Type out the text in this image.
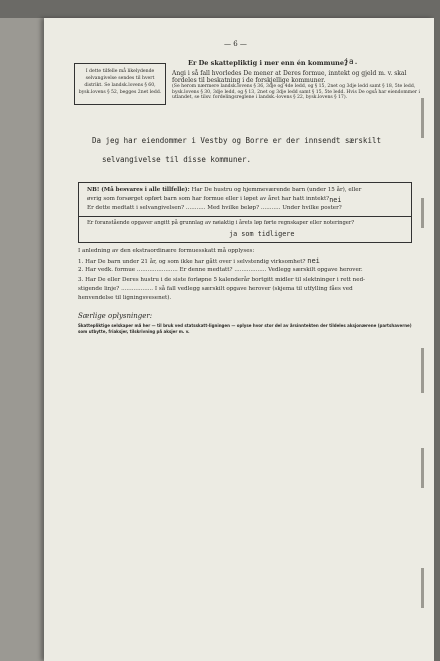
— 6 —
I dette tilfelle må likelydende selvangivelse sendes til hvert distrikt. Se landsk.lovens § 60, bysk.lovens § 52, begges 2net ledd.
Er De skattepliktig i mer enn én kommune?
ja.
Angi i så fall hvorledes De mener at Deres formue, inntekt og gjeld m. v. skal fordeles til beskatning i de forskjellige kommuner.
(Se herom nærmere landsk.lovens § 36, 3dje og 4de ledd, og § 15, 2net og 3dje ledd samt § 18, 5te ledd, bysk.lovens § 30, 3dje ledd, og § 13, 2net og 3dje ledd samt § 15, 5te ledd. Hvis De også har eiendommer i utlandet, se tilsv. fordelingsreglene i landsk.-lovens § 22, bysk.lovens § 17).
Da jeg har eiendommer i Vestby og Borre er der innsendt særskilt
selvangivelse til disse kommuner.
NB! (Må besvares i alle tillfelle): Har De hustru og hjemmeværende barn (under 15 år), eller
øvrig som forsørget opført barn som har formue eller i løpet av året har hatt inntekt? nei
Er dette medtatt i selvangivelsen? ........... Med hvilke beløp? ........... Under hvilke poster?
Er foranstående opgaver angitt på grunnlag av nøiaktig i årets løp førte regnskaper eller noteringer?
ja som tidligere
I anledning av den ekstraordinære formuesskatt må opplyses:
1. Har De barn under 21 år, og som ikke har gått over i selvstendig virksomhet? nei
2. Har vedk. formue ....................... Er denne medtatt? .................. Vedlegg særskilt opgave herover.
3. Har De eller Deres hustru i de siste forløpne 5 kalenderår bortgitt midler til slektninger i rett ned-
stigende linje? .................. I så fall vedlegg særskilt opgave herover (skjema til utfylling fåes ved
henvendelse til ligningsvesenet).
Særlige oplysninger:
Skattepliktige selskaper må her — til bruk ved statsskatt-ligningen — oplyse hvor stor del av årsinntekten der tildeles aksjonærene (partshaverne) som utbytte, friaksjer, tilskrivning på aksjer m. v.
